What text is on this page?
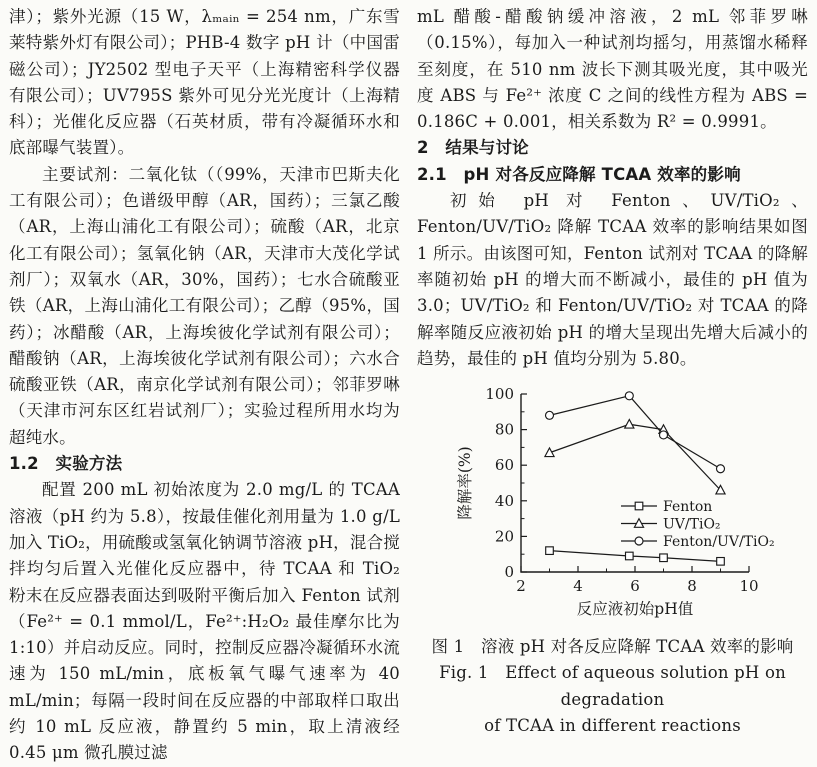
津）；紫外光源（15 W，λₘₐᵢₙ = 254 nm，广东雪莱特紫外灯有限公司）；PHB-4 数字 pH 计（中国雷磁公司）；JY2502 型电子天平（上海精密科学仪器有限公司）；UV795S 紫外可见分光光度计（上海精科）；光催化反应器（石英材质，带有冷凝循环水和底部曝气装置）。

主要试剂：二氧化钛（（99%，天津市巴斯夫化工有限公司）；色谱级甲醇（AR，国药）；三氯乙酸（AR，上海山浦化工有限公司）；硫酸（AR，北京化工有限公司）；氢氧化钠（AR，天津市大茂化学试剂厂）；双氧水（AR，30%，国药）；七水合硫酸亚铁（AR，上海山浦化工有限公司）；乙醇（95%，国药）；冰醋酸（AR，上海埃彼化学试剂有限公司）；醋酸钠（AR，上海埃彼化学试剂有限公司）；六水合硫酸亚铁（AR，南京化学试剂有限公司）；邻菲罗啉（天津市河东区红岩试剂厂）；实验过程所用水均为超纯水。

1.2　实验方法

配置 200 mL 初始浓度为 2.0 mg/L 的 TCAA 溶液（pH 约为 5.8），按最佳催化剂用量为 1.0 g/L 加入 TiO₂，用硫酸或氢氧化钠调节溶液 pH，混合搅拌均匀后置入光催化反应器中，待 TCAA 和 TiO₂ 粉末在反应器表面达到吸附平衡后加入 Fenton 试剂（Fe²⁺ = 0.1 mmol/L，Fe²⁺:H₂O₂ 最佳摩尔比为 1:10）并启动反应。同时，控制反应器冷凝循环水流速为 150 mL/min，底板氧气曝气速率为 40 mL/min；每隔一段时间在反应器的中部取样口取出约 10 mL 反应液，静置约 5 min，取上清液经 0.45 μm 微孔膜过滤

mL 醋酸-醋酸钠缓冲溶液，2 mL 邻菲罗啉（0.15%），每加入一种试剂均摇匀，用蒸馏水稀释至刻度，在 510 nm 波长下测其吸光度，其中吸光度 ABS 与 Fe²⁺ 浓度 C 之间的线性方程为 ABS = 0.186C + 0.001，相关系数为 R² = 0.9991。

2　结果与讨论

2.1　pH 对各反应降解 TCAA 效率的影响

初始 pH 对 Fenton、UV/TiO₂、Fenton/UV/TiO₂ 降解 TCAA 效率的影响结果如图 1 所示。由该图可知，Fenton 试剂对 TCAA 的降解率随初始 pH 的增大而不断减小，最佳的 pH 值为 3.0；UV/TiO₂ 和 Fenton/UV/TiO₂ 对 TCAA 的降解率随反应液初始 pH 的增大呈现出先增大后减小的趋势，最佳的 pH 值均分别为 5.80。

2	4	6	8	10
0
20
40
60
80
100
反应液初始pH值
降解率(%)	Fenton
UV/TiO₂
Fenton/UV/TiO₂

图 1　溶液 pH 对各反应降解 TCAA 效率的影响

Fig. 1　Effect of aqueous solution pH on degradation

of TCAA in different reactions
